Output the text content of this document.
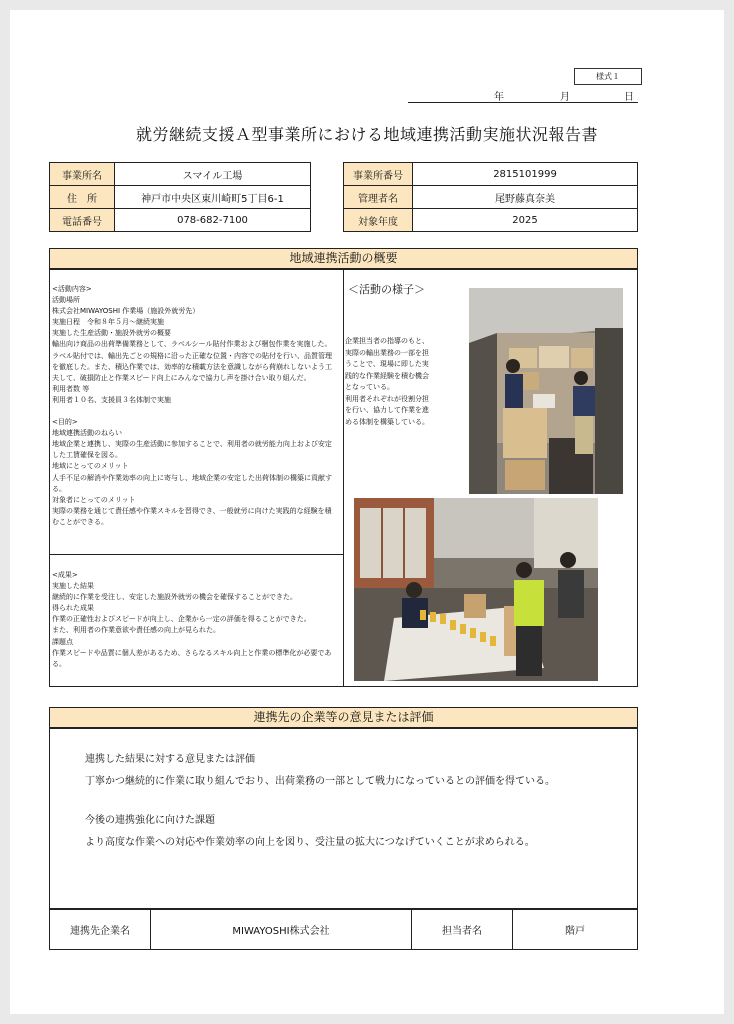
様式１
年	月	日
就労継続支援Ａ型事業所における地域連携活動実施状況報告書
事業所名	スマイル工場
住　所	神戸市中央区東川崎町5丁目6-1
電話番号	078-682-7100
事業所番号	2815101999
管理者名	尾野藤真奈美
対象年度	2025
地域連携活動の概要
<活動内容>
活動場所
株式会社MIWAYOSHI 作業場（施設外就労先）
実施日程　令和８年５月〜継続実施
実施した生産活動・施設外就労の概要
輸出向け商品の出荷準備業務として、ラベルシール貼付作業および梱包作業を実施した。
ラベル貼付では、輸出先ごとの規格に沿った正確な位置・内容での貼付を行い、品質管理
を徹底した。また、積込作業では、効率的な積載方法を意識しながら荷崩れしないよう工
夫して、破損防止と作業スピード向上にみんなで協力し声を掛け合い取り組んだ。
利用者数 等
利用者１０名、支援員３名体制で実施
<目的>
地域連携活動のねらい
地域企業と連携し、実際の生産活動に参加することで、利用者の就労能力向上および安定
した工賃確保を図る。
地域にとってのメリット
人手不足の解消や作業効率の向上に寄与し、地域企業の安定した出荷体制の構築に貢献す
る。
対象者にとってのメリット
実際の業務を通じて責任感や作業スキルを習得でき、一般就労に向けた実践的な経験を積
むことができる。
<成果>
実施した結果
継続的に作業を受注し、安定した施設外就労の機会を確保することができた。
得られた成果
作業の正確性およびスピードが向上し、企業から一定の評価を得ることができた。
また、利用者の作業意欲や責任感の向上が見られた。
課題点
作業スピードや品質に個人差があるため、さらなるスキル向上と作業の標準化が必要であ
る。
＜活動の様子＞
企業担当者の指導のもと、
実際の輸出業務の一部を担
うことで、現場に即した実
践的な作業経験を積む機会
となっている。
利用者それぞれが役割分担
を行い、協力して作業を進
める体制を構築している。
連携先の企業等の意見または評価
連携した結果に対する意見または評価
丁寧かつ継続的に作業に取り組んでおり、出荷業務の一部として戦力になっているとの評価を得ている。
今後の連携強化に向けた課題
より高度な作業への対応や作業効率の向上を図り、受注量の拡大につなげていくことが求められる。
連携先企業名	MIWAYOSHI株式会社	担当者名	階戸
